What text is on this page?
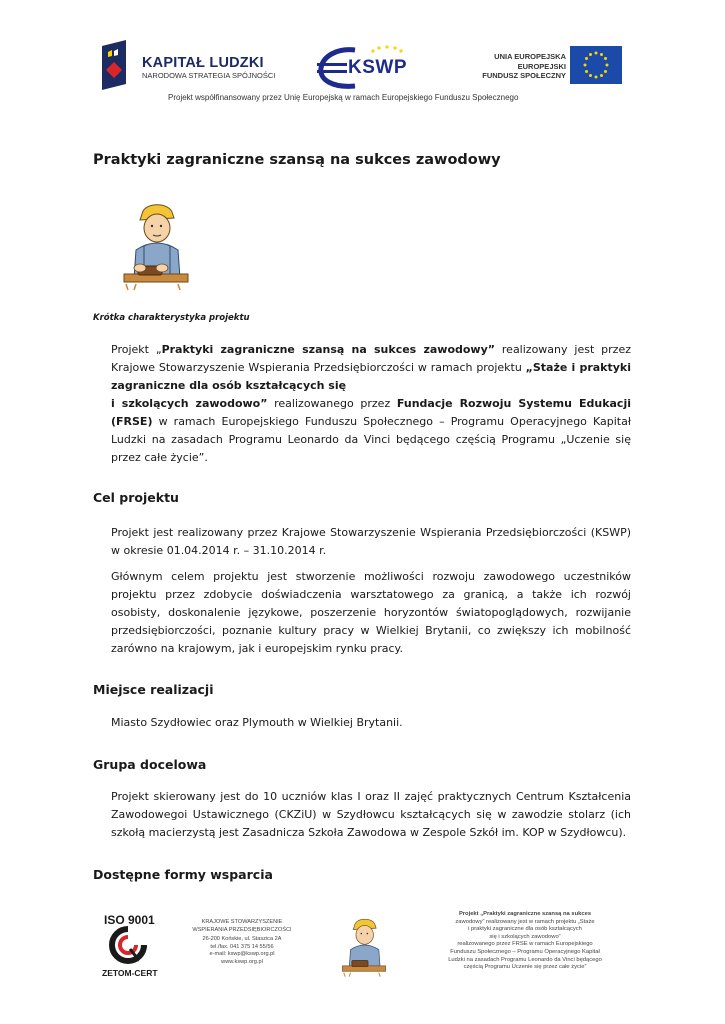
KAPITAŁ LUDZKI
NARODOWA STRATEGIA SPÓJNOŚCI	KSWP
UNIA EUROPEJSKA
EUROPEJSKI
FUNDUSZ SPOŁECZNY
Projekt współfinansowany przez Unię Europejską w ramach Europejskiego Funduszu Społecznego
Praktyki zagraniczne szansą na sukces zawodowy
Krótka charakterystyka projektu
Projekt „Praktyki zagraniczne szansą na sukces zawodowy” realizowany jest przez Krajowe Stowarzyszenie Wspierania Przedsiębiorczości w ramach projektu „Staże i praktyki zagraniczne dla osób kształcących się
i szkolących zawodowo” realizowanego przez Fundacje Rozwoju Systemu Edukacji (FRSE) w ramach Europejskiego Funduszu Społecznego – Programu Operacyjnego Kapitał Ludzki na zasadach Programu Leonardo da Vinci będącego częścią Programu „Uczenie się przez całe życie”.
Cel projektu
Projekt jest realizowany przez Krajowe Stowarzyszenie Wspierania Przedsiębiorczości (KSWP) w okresie 01.04.2014 r. – 31.10.2014 r.
Głównym celem projektu jest stworzenie możliwości rozwoju zawodowego uczestników projektu przez zdobycie doświadczenia warsztatowego za granicą, a także ich rozwój osobisty, doskonalenie językowe, poszerzenie horyzontów światopoglądowych, rozwijanie przedsiębiorczości, poznanie kultury pracy w Wielkiej Brytanii, co zwiększy ich mobilność zarówno na krajowym, jak i europejskim rynku pracy.
Miejsce realizacji
Miasto Szydłowiec oraz Plymouth w Wielkiej Brytanii.
Grupa docelowa
Projekt skierowany jest do 10 uczniów klas I oraz II zajęć praktycznych Centrum Kształcenia Zawodowegoi Ustawicznego (CKZiU) w Szydłowcu kształcących się w zawodzie stolarz (ich szkołą macierzystą jest Zasadnicza Szkoła Zawodowa w Zespole Szkół im. KOP w Szydłowcu).
Dostępne formy wsparcia
ISO 9001
ZETOM-CERT
KRAJOWE STOWARZYSZENIE
WSPIERANIA PRZEDSIĘBIORCZOŚCI
26-200 Końskie, ul. Staszica 2A
tel./fax. 041 375 14 55/56
e-mail: kswp@kswp.org.pl
www.kswp.org.pl
Projekt „Praktyki zagraniczne szansą na sukces
zawodowy” realizowany jest w ramach projektu „Staże
i praktyki zagraniczne dla osób kształcących
się i szkolących zawodowo”
realizowanego przez FRSE w ramach Europejskiego
Funduszu Społecznego – Programu Operacyjnego Kapitał
Ludzki na zasadach Programu Leonardo da Vinci będącego
częścią Programu Uczenie się przez całe życie”
